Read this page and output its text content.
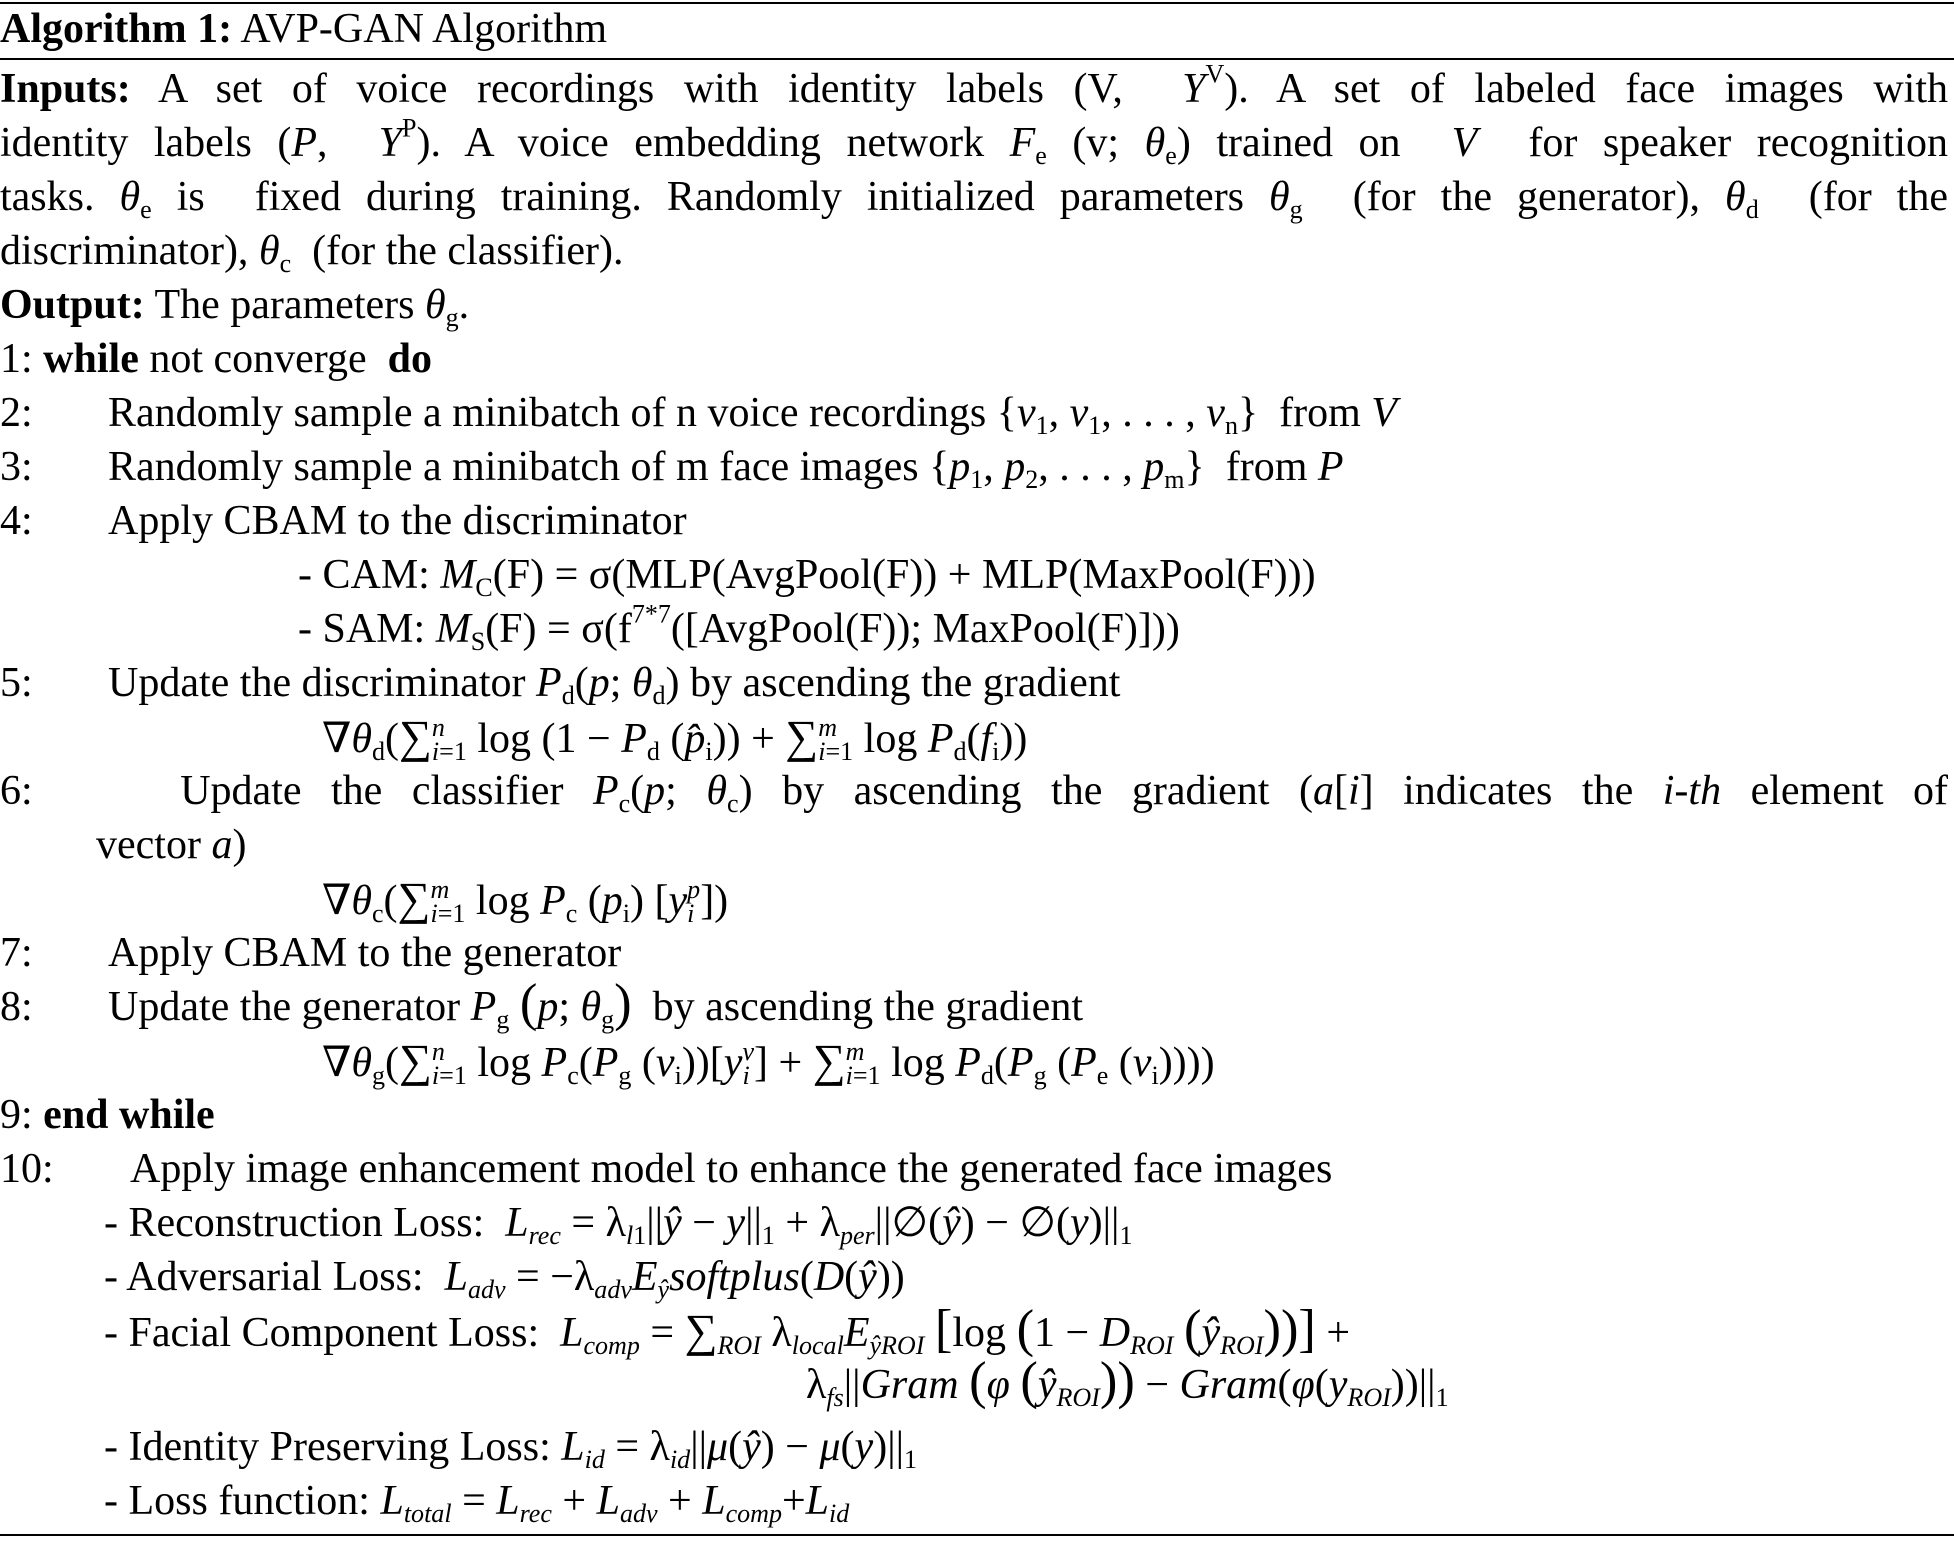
Algorithm 1: AVP-GAN Algorithm
Inputs: A set of voice recordings with identity labels (V,  $Y^V$). A set of labeled face images with
identity labels (P,  $Y^P$). A voice embedding network $F_e$ (v; $\theta_e$) trained on  V  for speaker recognition
tasks. $\theta_e$ is  fixed during training. Randomly initialized parameters $\theta_g$  (for the generator), $\theta_d$  (for the
discriminator), $\theta_c$  (for the classifier).
Output: The parameters $\theta_g$.
1: while not converge do
2: Randomly sample a minibatch of n voice recordings {$v_1$, $v_1$, . . . , $v_n$}  from V
3: Randomly sample a minibatch of m face images {$p_1$, $p_2$, . . . , $p_m$}  from P
4: Apply CBAM to the discriminator
- CAM: $M_C(F)$ = σ(MLP(AvgPool(F)) + MLP(MaxPool(F)))
- SAM: $M_S(F)$ = $\sigma(f^{7*7}([AvgPool(F))$; MaxPool(F)]))
5: Update the discriminator $P_d(p$; $\theta_d$) by ascending the gradient
$\nabla\theta_d(\sum$ n
i=1 $\log (1 - P_d$ $(p̂_i)$) + ∑ m
i=1 $\log P_d(f_i)$)
6:	Update the classifier $P_c(p$; $\theta_c$) by ascending the gradient (a[i] indicates the i-th element of
vector a)
$\nabla\theta_c(\sum$ m
i=1 $\log P_c$ $(p_i)$ [y p
i ])
7: Apply CBAM to the generator
8: Update the generator $P_g$ (p; $\theta_g$) by ascending the gradient
$\nabla\theta_g(\sum$ n
i=1 $\log P_c(P_g$ $(v_i))[y$ v
i ] + ∑ m
i=1 $\log P_d(P_g$ ($P_e$ $(v_i)$)))
9: end while
10: Apply image enhancement model to enhance the generated face images
- Reconstruction Loss: $L_{rec}$ = $\lambda_{l1}||ŷ - y||_1$ + $\lambda_{per}||\emptyset(ŷ)$ − $\emptyset(y)||_1$
- Adversarial Loss: $L_{adv}$ = $-\lambda_{adv}E_ŷsoftplus(D(ŷ))$
- Facial Component Loss: $L_{comp} = \sum_{ROI}$ $\lambda_{local}E_{ŷROI}$ [log ($1 - D_{ROI}$ $(ŷ_{ROI})$)] +
$\lambda_{fs}||Gram$ (φ $(ŷ_{ROI})$) − $Gram(\varphi(y_{ROI}))||_1$
- Identity Preserving Loss: $L_{id}$ = $\lambda_{id}||\mu(ŷ) - \mu(y)||_1$
- Loss function: $L_{total} = L_{rec} + L_{adv} + L_{comp}+L_{id}$
